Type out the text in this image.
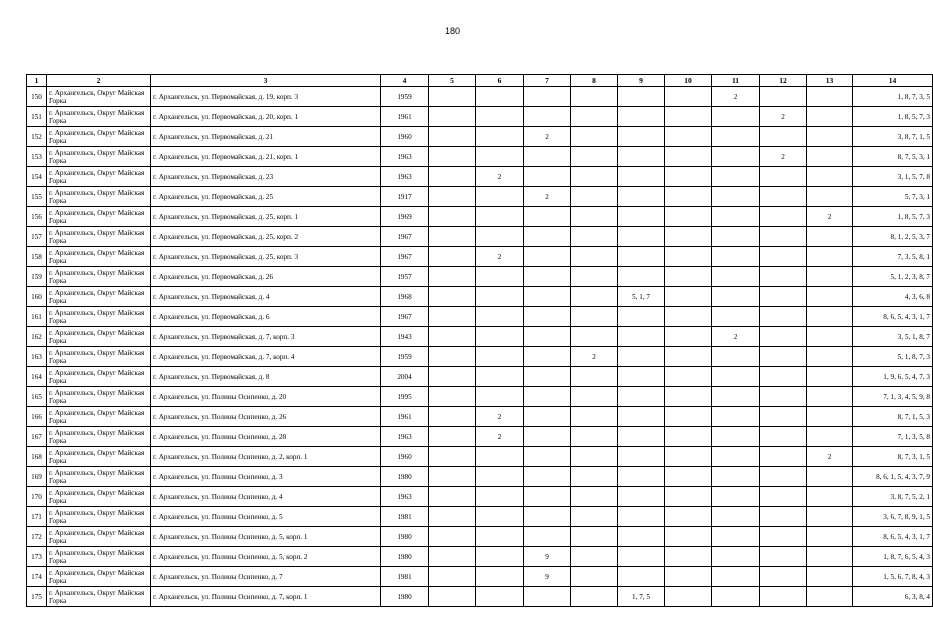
180
1	2	3	4	5	6	7	8	9	10	11	12	13	14
150	г. Архангельск, Округ Майская Горка	г. Архангельск, ул. Первомайская, д. 19, корп. 3	1959							2			1, 8, 7, 3, 5
151	г. Архангельск, Округ Майская Горка	г. Архангельск, ул. Первомайская, д. 20, корп. 1	1961								2		1, 8, 5, 7, 3
152	г. Архангельск, Округ Майская Горка	г. Архангельск, ул. Первомайская, д. 21	1960			2							3, 8, 7, 1, 5
153	г. Архангельск, Округ Майская Горка	г. Архангельск, ул. Первомайская, д. 21, корп. 1	1963								2		8, 7, 5, 3, 1
154	г. Архангельск, Округ Майская Горка	г. Архангельск, ул. Первомайская, д. 23	1963		2								3, 1, 5, 7, 8
155	г. Архангельск, Округ Майская Горка	г. Архангельск, ул. Первомайская, д. 25	1917			2							5, 7, 3, 1
156	г. Архангельск, Округ Майская Горка	г. Архангельск, ул. Первомайская, д. 25, корп. 1	1969									2	1, 8, 5, 7, 3
157	г. Архангельск, Округ Майская Горка	г. Архангельск, ул. Первомайская, д. 25, корп. 2	1967										8, 1, 2, 5, 3, 7
158	г. Архангельск, Округ Майская Горка	г. Архангельск, ул. Первомайская, д. 25, корп. 3	1967		2								7, 3, 5, 8, 1
159	г. Архангельск, Округ Майская Горка	г. Архангельск, ул. Первомайская, д. 26	1957										5, 1, 2, 3, 8, 7
160	г. Архангельск, Округ Майская Горка	г. Архангельск, ул. Первомайская, д. 4	1968					5, 1, 7					4, 3, 6, 8
161	г. Архангельск, Округ Майская Горка	г. Архангельск, ул. Первомайская, д. 6	1967										8, 6, 5, 4, 3, 1, 7
162	г. Архангельск, Округ Майская Горка	г. Архангельск, ул. Первомайская, д. 7, корп. 3	1943							2			3, 5, 1, 8, 7
163	г. Архангельск, Округ Майская Горка	г. Архангельск, ул. Первомайская, д. 7, корп. 4	1959				2						5, 1, 8, 7, 3
164	г. Архангельск, Округ Майская Горка	г. Архангельск, ул. Первомайская, д. 8	2004										1, 9, 6, 5, 4, 7, 3
165	г. Архангельск, Округ Майская Горка	г. Архангельск, ул. Полины Осипенко, д. 20	1995										7, 1, 3, 4, 5, 9, 8
166	г. Архангельск, Округ Майская Горка	г. Архангельск, ул. Полины Осипенко, д. 26	1961		2								8, 7, 1, 5, 3
167	г. Архангельск, Округ Майская Горка	г. Архангельск, ул. Полины Осипенко, д. 28	1963		2								7, 1, 3, 5, 8
168	г. Архангельск, Округ Майская Горка	г. Архангельск, ул. Полины Осипенко, д. 2, корп. 1	1960									2	8, 7, 3, 1, 5
169	г. Архангельск, Округ Майская Горка	г. Архангельск, ул. Полины Осипенко, д. 3	1980										8, 6, 1, 5, 4, 3, 7, 9
170	г. Архангельск, Округ Майская Горка	г. Архангельск, ул. Полины Осипенко, д. 4	1963										3, 8, 7, 5, 2, 1
171	г. Архангельск, Округ Майская Горка	г. Архангельск, ул. Полины Осипенко, д. 5	1981										3, 6, 7, 8, 9, 1, 5
172	г. Архангельск, Округ Майская Горка	г. Архангельск, ул. Полины Осипенко, д. 5, корп. 1	1980										8, 6, 5, 4, 3, 1, 7
173	г. Архангельск, Округ Майская Горка	г. Архангельск, ул. Полины Осипенко, д. 5, корп. 2	1980			9							1, 8, 7, 6, 5, 4, 3
174	г. Архангельск, Округ Майская Горка	г. Архангельск, ул. Полины Осипенко, д. 7	1981			9							1, 5, 6, 7, 8, 4, 3
175	г. Архангельск, Округ Майская Горка	г. Архангельск, ул. Полины Осипенко, д. 7, корп. 1	1980					1, 7, 5					6, 3, 8, 4
